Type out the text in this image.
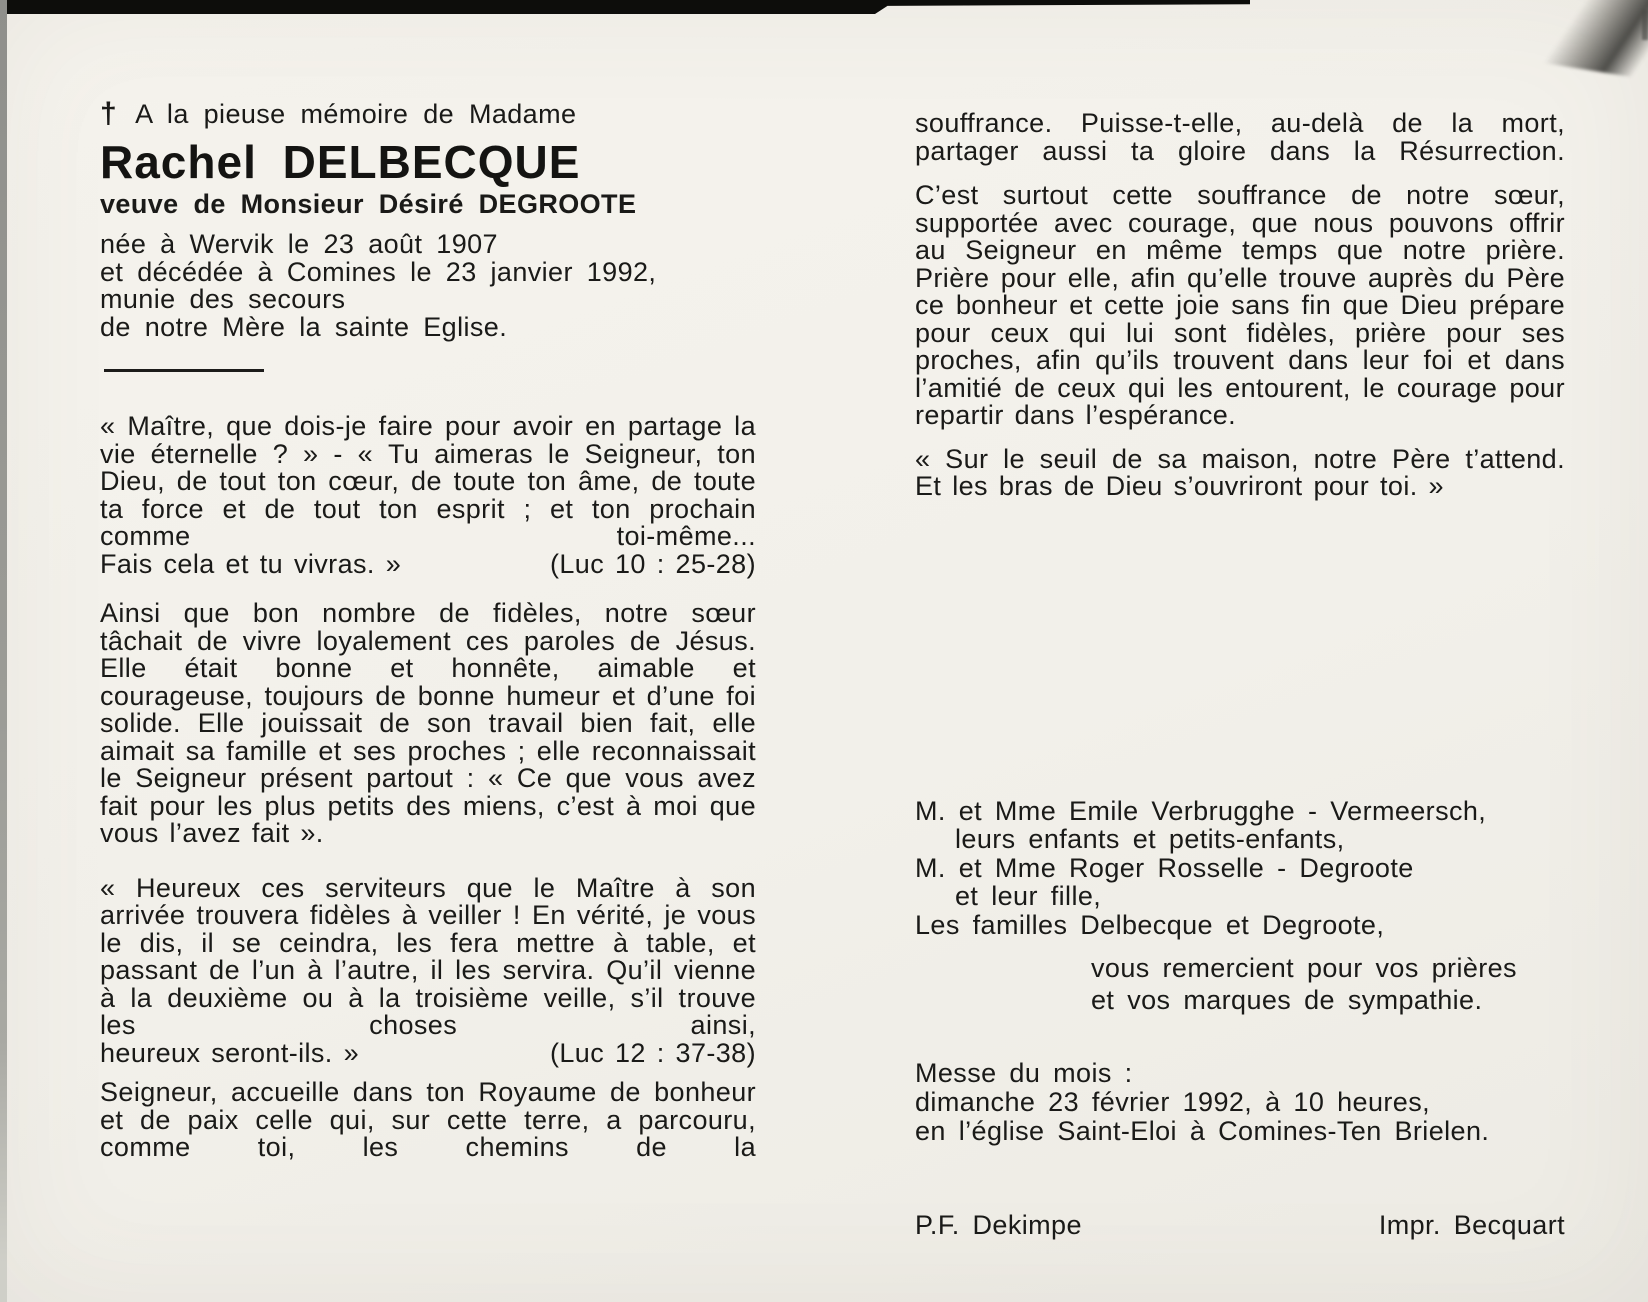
† A la pieuse mémoire de Madame
Rachel DELBECQUE
veuve de Monsieur Désiré DEGROOTE
née à Wervik le 23 août 1907
et décédée à Comines le 23 janvier 1992,
munie des secours
de notre Mère la sainte Eglise.

« Maître, que dois-je faire pour avoir en partage la vie éternelle ? » - « Tu aimeras le Seigneur, ton Dieu, de tout ton cœur, de toute ton âme, de toute ta force et de tout ton esprit ; et ton prochain comme toi-même...

Fais cela et tu vivras. »	(Luc 10 : 25-28)

Ainsi que bon nombre de fidèles, notre sœur tâchait de vivre loyalement ces paroles de Jésus. Elle était bonne et honnête, aimable et courageuse, toujours de bonne humeur et d’une foi solide. Elle jouissait de son travail bien fait, elle aimait sa famille et ses proches ; elle reconnaissait le Seigneur présent partout : « Ce que vous avez fait pour les plus petits des miens, c’est à moi que vous l’avez fait ».

« Heureux ces serviteurs que le Maître à son arrivée trouvera fidèles à veiller ! En vérité, je vous le dis, il se ceindra, les fera mettre à table, et passant de l’un à l’autre, il les servira. Qu’il vienne à la deuxième ou à la troisième veille, s’il trouve les choses ainsi,

heureux seront-ils. »	(Luc 12 : 37-38)

Seigneur, accueille dans ton Royaume de bonheur et de paix celle qui, sur cette terre, a parcouru, comme toi, les chemins de la

souffrance. Puisse-t-elle, au-delà de la mort, partager aussi ta gloire dans la Résurrection.

C’est surtout cette souffrance de notre sœur, supportée avec courage, que nous pouvons offrir au Seigneur en même temps que notre prière. Prière pour elle, afin qu’elle trouve auprès du Père ce bonheur et cette joie sans fin que Dieu prépare pour ceux qui lui sont fidèles, prière pour ses proches, afin qu’ils trouvent dans leur foi et dans l’amitié de ceux qui les entourent, le courage pour repartir dans l’espérance.

« Sur le seuil de sa maison, notre Père t’attend. Et les bras de Dieu s’ouvriront pour toi. »

M. et Mme Emile Verbrugghe - Vermeersch,
leurs enfants et petits-enfants,
M. et Mme Roger Rosselle - Degroote
et leur fille,
Les familles Delbecque et Degroote,
vous remercient pour vos prières
et vos marques de sympathie.
Messe du mois :
dimanche 23 février 1992, à 10 heures,
en l’église Saint-Eloi à Comines-Ten Brielen.
P.F. Dekimpe	Impr. Becquart
